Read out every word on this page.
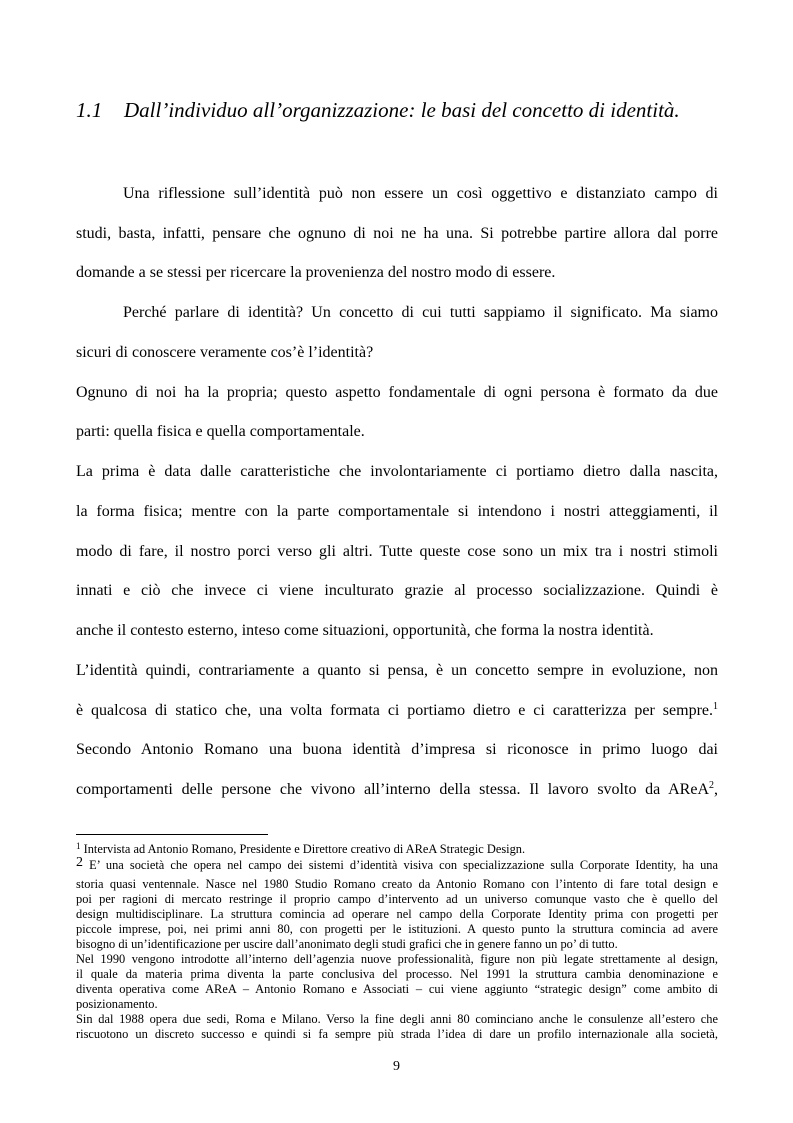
1.1 Dall’individuo all’organizzazione: le basi del concetto di identità.

Una riflessione sull’identità può non essere un così oggettivo e distanziato campo di

studi, basta, infatti, pensare che ognuno di noi ne ha una. Si potrebbe partire allora dal porre

domande a se stessi per ricercare la provenienza del nostro modo di essere.

Perché parlare di identità? Un concetto di cui tutti sappiamo il significato. Ma siamo

sicuri di conoscere veramente cos’è l’identità?

Ognuno di noi ha la propria; questo aspetto fondamentale di ogni persona è formato da due

parti: quella fisica e quella comportamentale.

La prima è data dalle caratteristiche che involontariamente ci portiamo dietro dalla nascita,

la forma fisica; mentre con la parte comportamentale si intendono i nostri atteggiamenti, il

modo di fare, il nostro porci verso gli altri. Tutte queste cose sono un mix tra i nostri stimoli

innati e ciò che invece ci viene inculturato grazie al processo socializzazione. Quindi è

anche il contesto esterno, inteso come situazioni, opportunità, che forma la nostra identità.

L’identità quindi, contrariamente a quanto si pensa, è un concetto sempre in evoluzione, non

è qualcosa di statico che, una volta formata ci portiamo dietro e ci caratterizza per sempre.$^1$

Secondo Antonio Romano una buona identità d’impresa si riconosce in primo luogo dai

comportamenti delle persone che vivono all’interno della stessa. Il lavoro svolto da AReA$^2$,

$^1$ Intervista ad Antonio Romano, Presidente e Direttore creativo di AReA Strategic Design.

$^2$ E’ una società che opera nel campo dei sistemi d’identità visiva con specializzazione sulla Corporate Identity, ha una

storia quasi ventennale. Nasce nel 1980 Studio Romano creato da Antonio Romano con l’intento di fare total design e

poi per ragioni di mercato restringe il proprio campo d’intervento ad un universo comunque vasto che è quello del

design multidisciplinare. La struttura comincia ad operare nel campo della Corporate Identity prima con progetti per

piccole imprese, poi, nei primi anni 80, con progetti per le istituzioni. A questo punto la struttura comincia ad avere

bisogno di un’identificazione per uscire dall’anonimato degli studi grafici che in genere fanno un po’ di tutto.

Nel 1990 vengono introdotte all’interno dell’agenzia nuove professionalità, figure non più legate strettamente al design,

il quale da materia prima diventa la parte conclusiva del processo. Nel 1991 la struttura cambia denominazione e

diventa operativa come AReA – Antonio Romano e Associati – cui viene aggiunto “strategic design” come ambito di

posizionamento.

Sin dal 1988 opera due sedi, Roma e Milano. Verso la fine degli anni 80 cominciano anche le consulenze all’estero che

riscuotono un discreto successo e quindi si fa sempre più strada l’idea di dare un profilo internazionale alla società,

9
